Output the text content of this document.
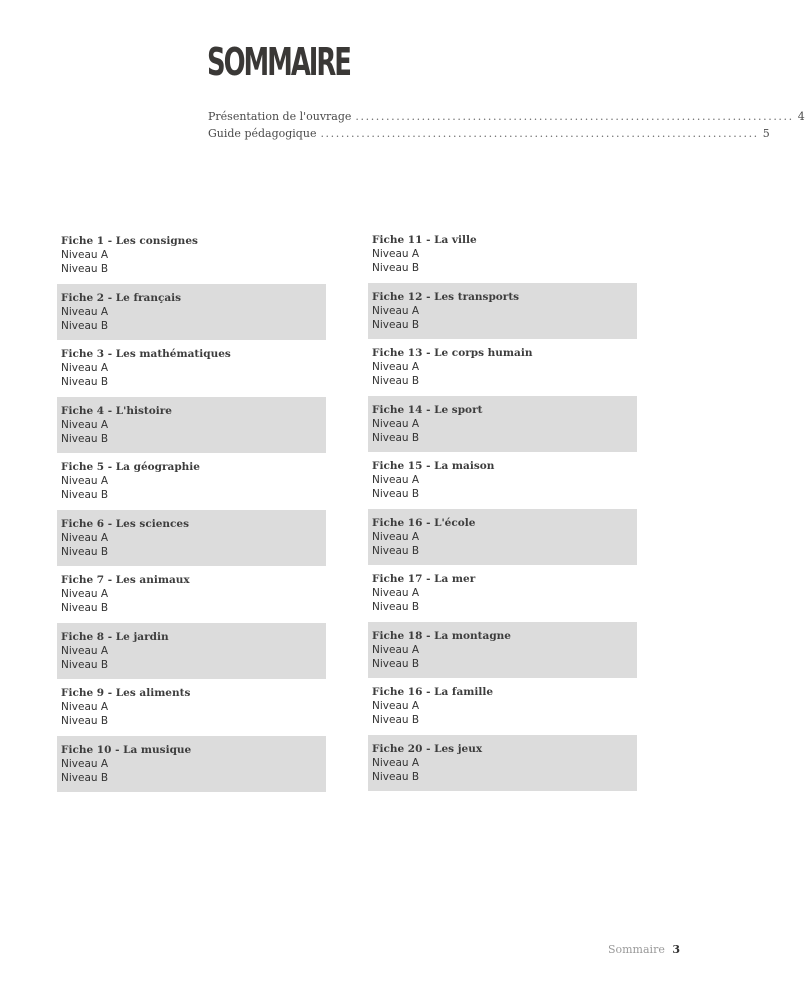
SOMMAIRE
Présentation de l'ouvrage ...................................................................................... 4
Guide pédagogique ...................................................................................... 5
Fiche 1 - Les consignes
Niveau A
Niveau B
Fiche 2 - Le français
Niveau A
Niveau B
Fiche 3 - Les mathématiques
Niveau A
Niveau B
Fiche 4 - L'histoire
Niveau A
Niveau B
Fiche 5 - La géographie
Niveau A
Niveau B
Fiche 6 - Les sciences
Niveau A
Niveau B
Fiche 7 - Les animaux
Niveau A
Niveau B
Fiche 8 - Le jardin
Niveau A
Niveau B
Fiche 9 - Les aliments
Niveau A
Niveau B
Fiche 10 - La musique
Niveau A
Niveau B
Fiche 11 - La ville
Niveau A
Niveau B
Fiche 12 - Les transports
Niveau A
Niveau B
Fiche 13 - Le corps humain
Niveau A
Niveau B
Fiche 14 - Le sport
Niveau A
Niveau B
Fiche 15 - La maison
Niveau A
Niveau B
Fiche 16 - L'école
Niveau A
Niveau B
Fiche 17 - La mer
Niveau A
Niveau B
Fiche 18 - La montagne
Niveau A
Niveau B
Fiche 16 - La famille
Niveau A
Niveau B
Fiche 20 - Les jeux
Niveau A
Niveau B
Sommaire 3
